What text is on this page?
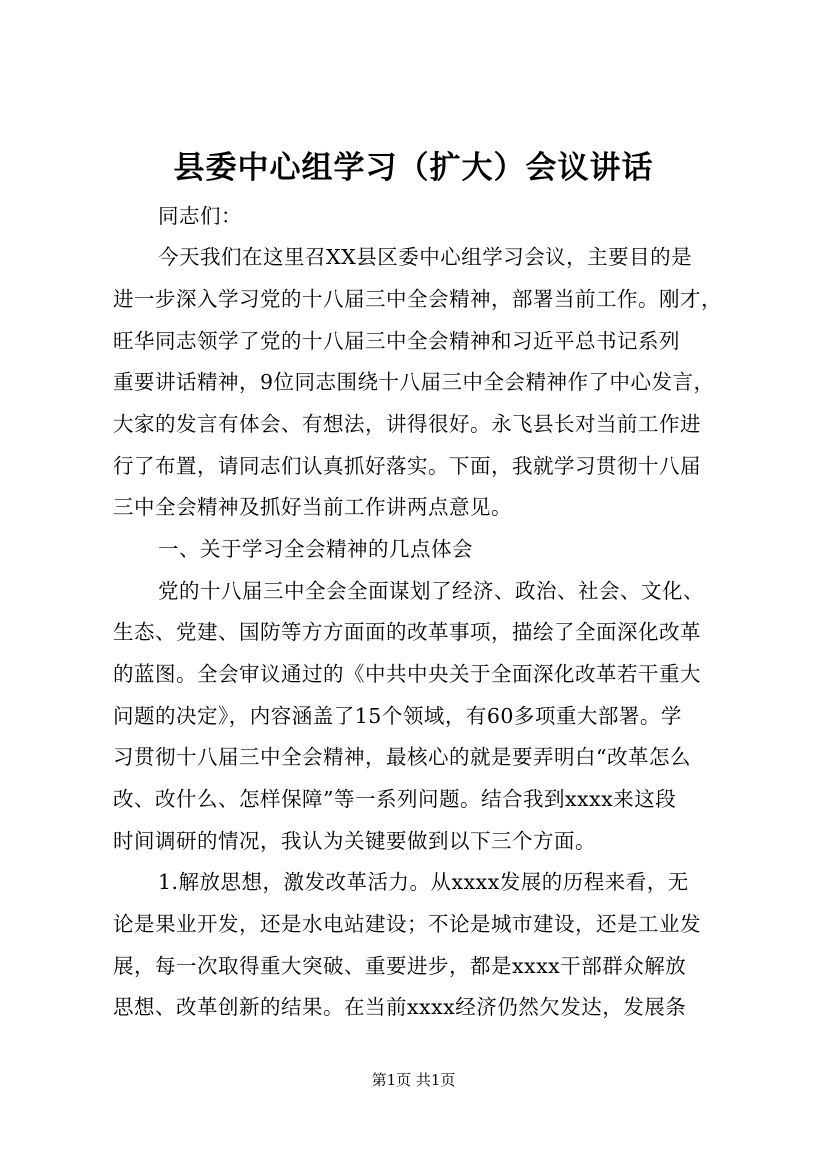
县委中心组学习（扩大）会议讲话
同志们：
今天我们在这里召XX县区委中心组学习会议，主要目的是
进一步深入学习党的十八届三中全会精神，部署当前工作。刚才，
旺华同志领学了党的十八届三中全会精神和习近平总书记系列
重要讲话精神，9位同志围绕十八届三中全会精神作了中心发言，
大家的发言有体会、有想法，讲得很好。永飞县长对当前工作进
行了布置，请同志们认真抓好落实。下面，我就学习贯彻十八届
三中全会精神及抓好当前工作讲两点意见。
一、关于学习全会精神的几点体会
党的十八届三中全会全面谋划了经济、政治、社会、文化、
生态、党建、国防等方方面面的改革事项，描绘了全面深化改革
的蓝图。全会审议通过的《中共中央关于全面深化改革若干重大
问题的决定》，内容涵盖了15个领域，有60多项重大部署。学
习贯彻十八届三中全会精神，最核心的就是要弄明白“改革怎么
改、改什么、怎样保障”等一系列问题。结合我到xxxx来这段
时间调研的情况，我认为关键要做到以下三个方面。
1.解放思想，激发改革活力。从xxxx发展的历程来看，无
论是果业开发，还是水电站建设；不论是城市建设，还是工业发
展，每一次取得重大突破、重要进步，都是xxxx干部群众解放
思想、改革创新的结果。在当前xxxx经济仍然欠发达，发展条
第1页 共1页
